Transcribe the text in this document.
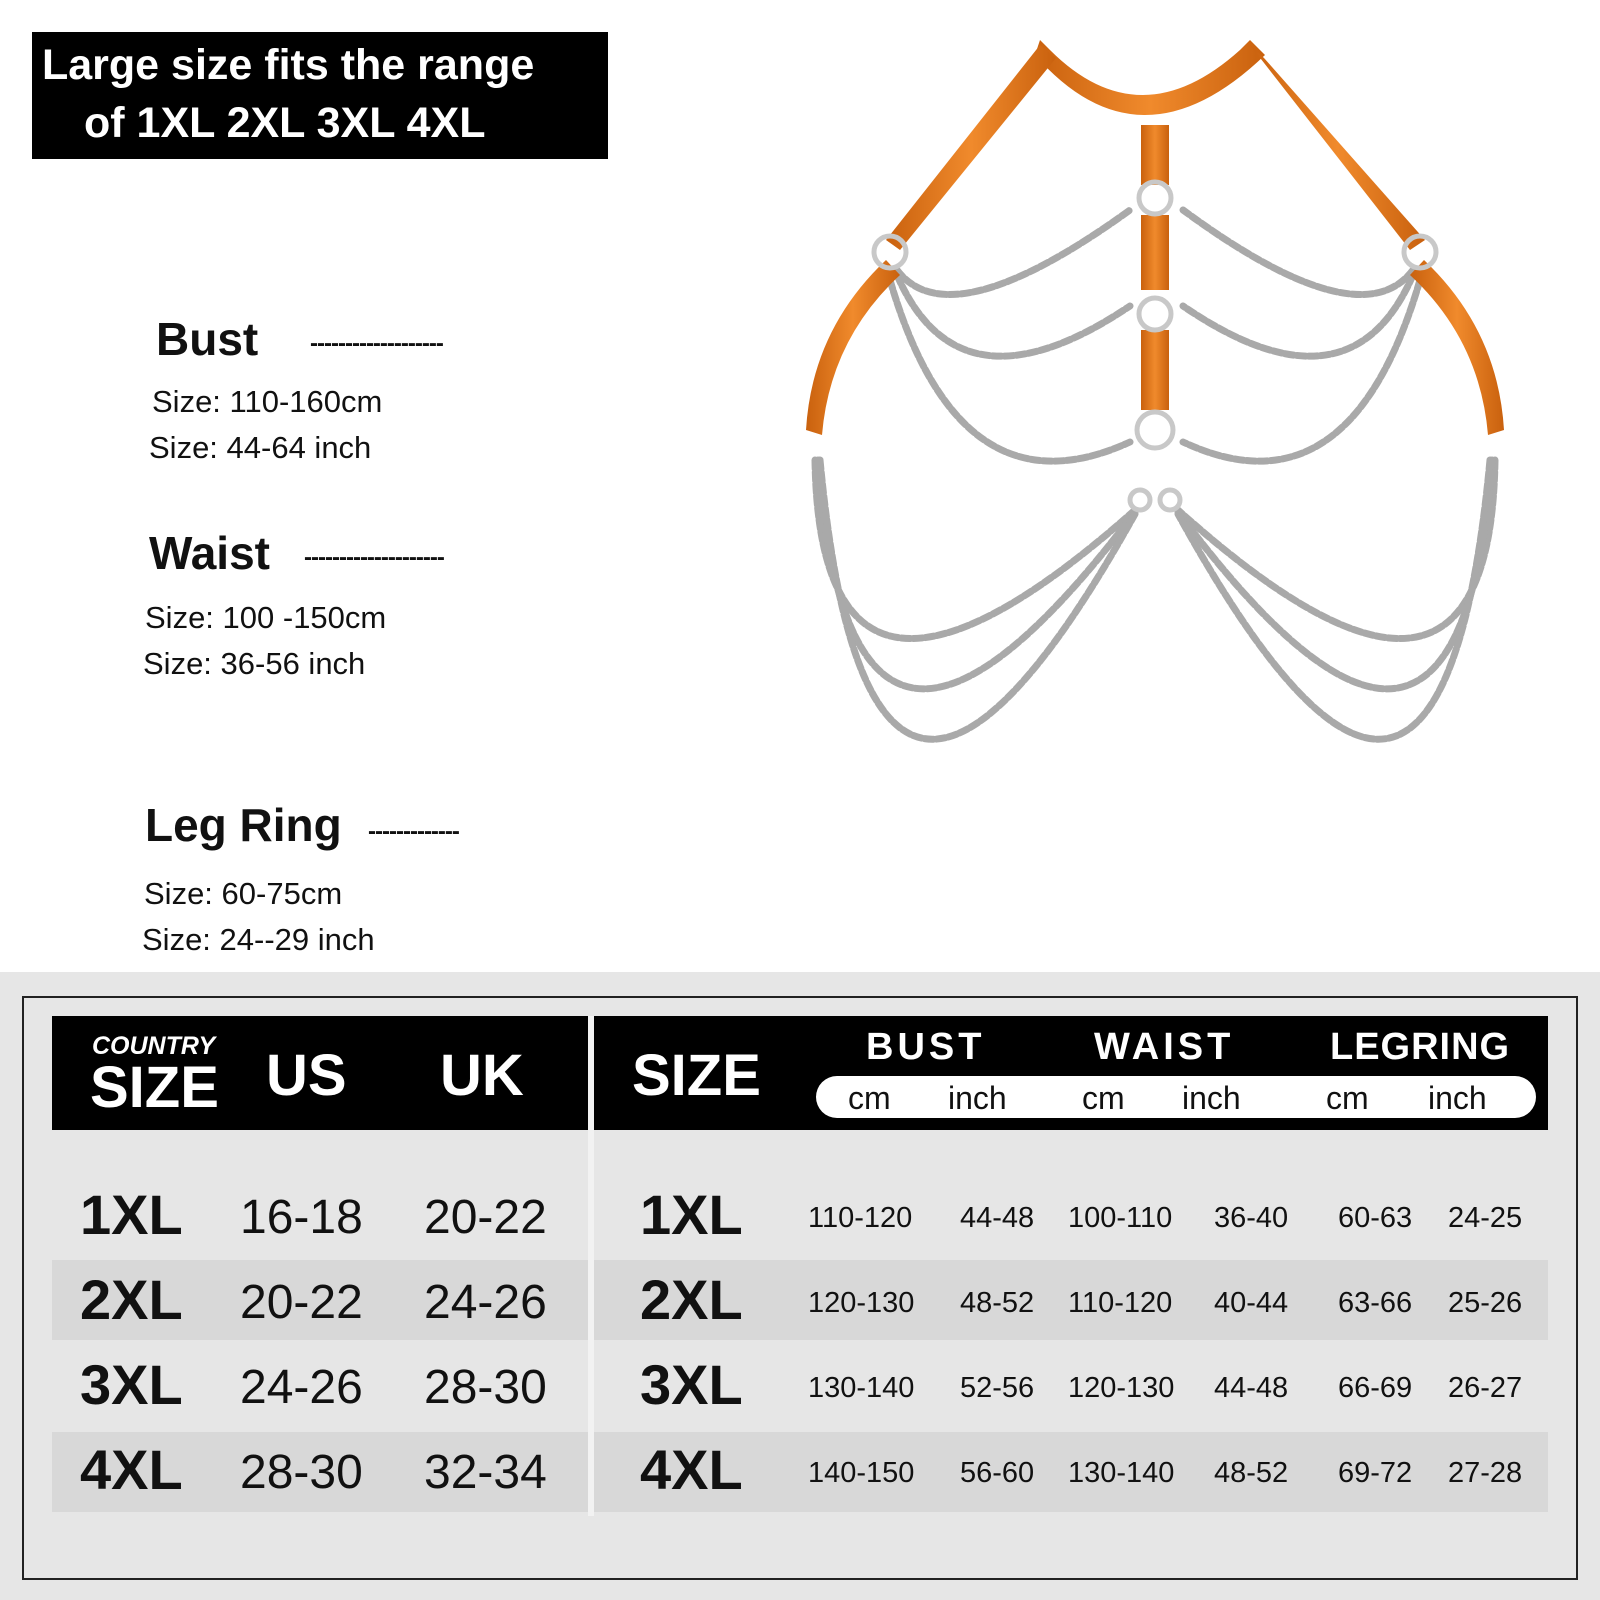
Large size fits the range
of 1XL 2XL 3XL 4XL
Bust -------------------
Size: 110-160cm
Size: 44-64 inch
Waist --------------------
Size: 100 -150cm
Size: 36-56 inch
Leg Ring -------------
Size: 60-75cm
Size: 24--29 inch
COUNTRY
SIZE US UK SIZE	BUST	WAIST	LEGRING
cm inch cm inch	cm inch
1XL 16-18 20-22 1XL 110-120 44-48 100-110 36-40 60-63 24-25
2XL 20-22 24-26 2XL 120-130 48-52 110-120 40-44 63-66 25-26
3XL 24-26 28-30 3XL 130-140 52-56 120-130 44-48 66-69 26-27
4XL 28-30 32-34 4XL 140-150 56-60 130-140 48-52 69-72 27-28
